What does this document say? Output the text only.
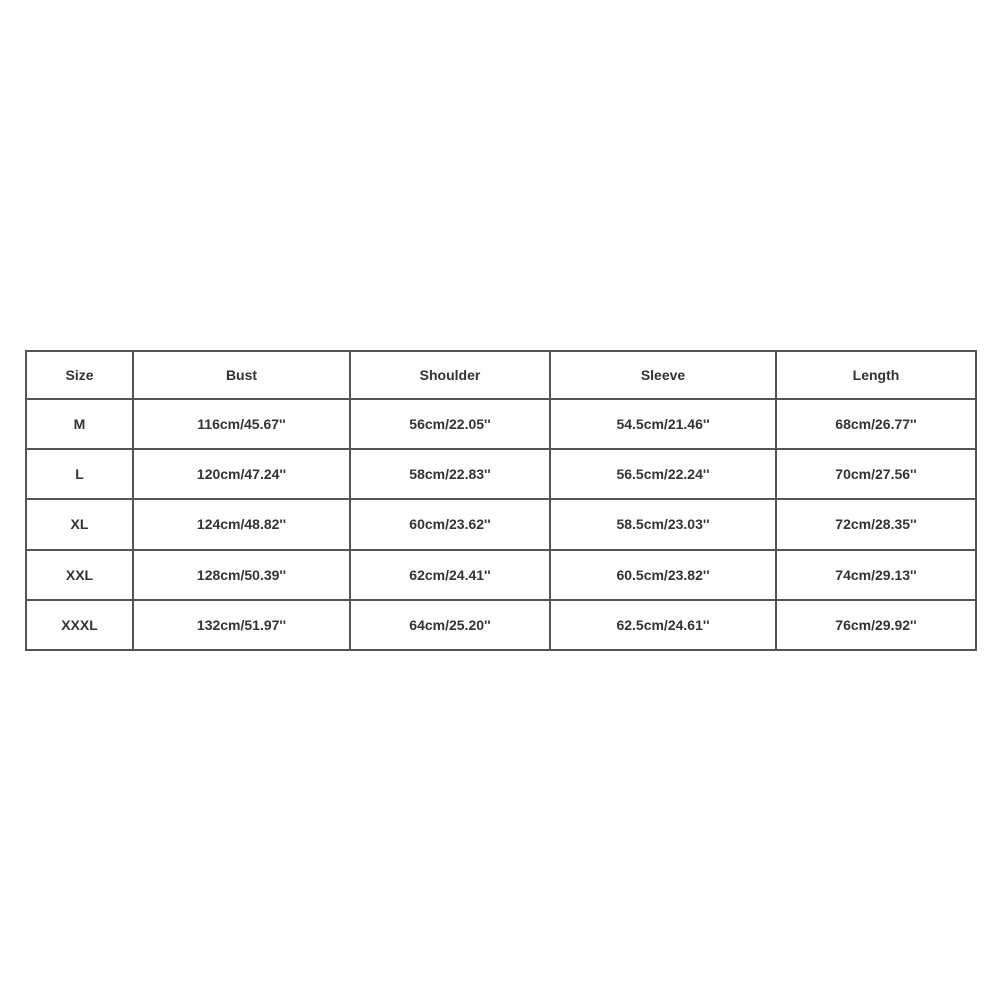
Size	Bust	Shoulder	Sleeve	Length
M	116cm/45.67''	56cm/22.05''	54.5cm/21.46''	68cm/26.77''
L	120cm/47.24''	58cm/22.83''	56.5cm/22.24''	70cm/27.56''
XL	124cm/48.82''	60cm/23.62''	58.5cm/23.03''	72cm/28.35''
XXL	128cm/50.39''	62cm/24.41''	60.5cm/23.82''	74cm/29.13''
XXXL	132cm/51.97''	64cm/25.20''	62.5cm/24.61''	76cm/29.92''
